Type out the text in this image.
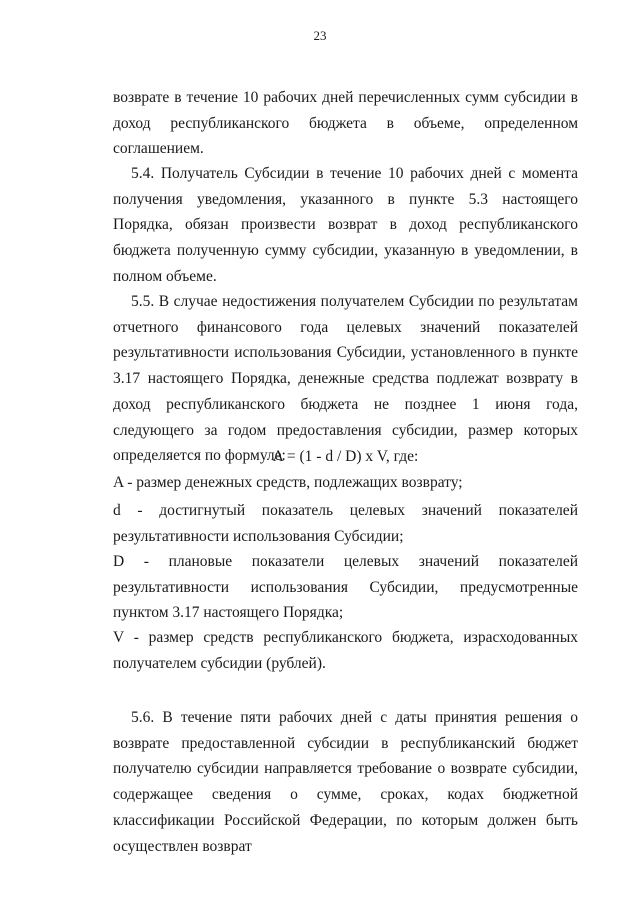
23
возврате в течение 10 рабочих дней перечисленных сумм субсидии в доход республиканского бюджета в объеме, определенном соглашением.
5.4. Получатель Субсидии в течение 10 рабочих дней с момента получения уведомления, указанного в пункте 5.3 настоящего Порядка, обязан произвести возврат в доход республиканского бюджета полученную сумму субсидии, указанную в уведомлении, в полном объеме.
5.5. В случае недостижения получателем Субсидии по результатам отчетного финансового года целевых значений показателей результативности использования Субсидии, установленного в пункте 3.17 настоящего Порядка, денежные средства подлежат возврату в доход республиканского бюджета не позднее 1 июня года, следующего за годом предоставления субсидии, размер которых определяется по формуле:
A = (1 - d / D) x V, где:
A - размер денежных средств, подлежащих возврату;
d - достигнутый показатель целевых значений показателей результативности использования Субсидии;
D - плановые показатели целевых значений показателей результативности использования Субсидии, предусмотренные пунктом 3.17 настоящего Порядка;
V - размер средств республиканского бюджета, израсходованных получателем субсидии (рублей).
5.6. В течение пяти рабочих дней с даты принятия решения о возврате предоставленной субсидии в республиканский бюджет получателю субсидии направляется требование о возврате субсидии, содержащее сведения о сумме, сроках, кодах бюджетной классификации Российской Федерации, по которым должен быть осуществлен возврат
